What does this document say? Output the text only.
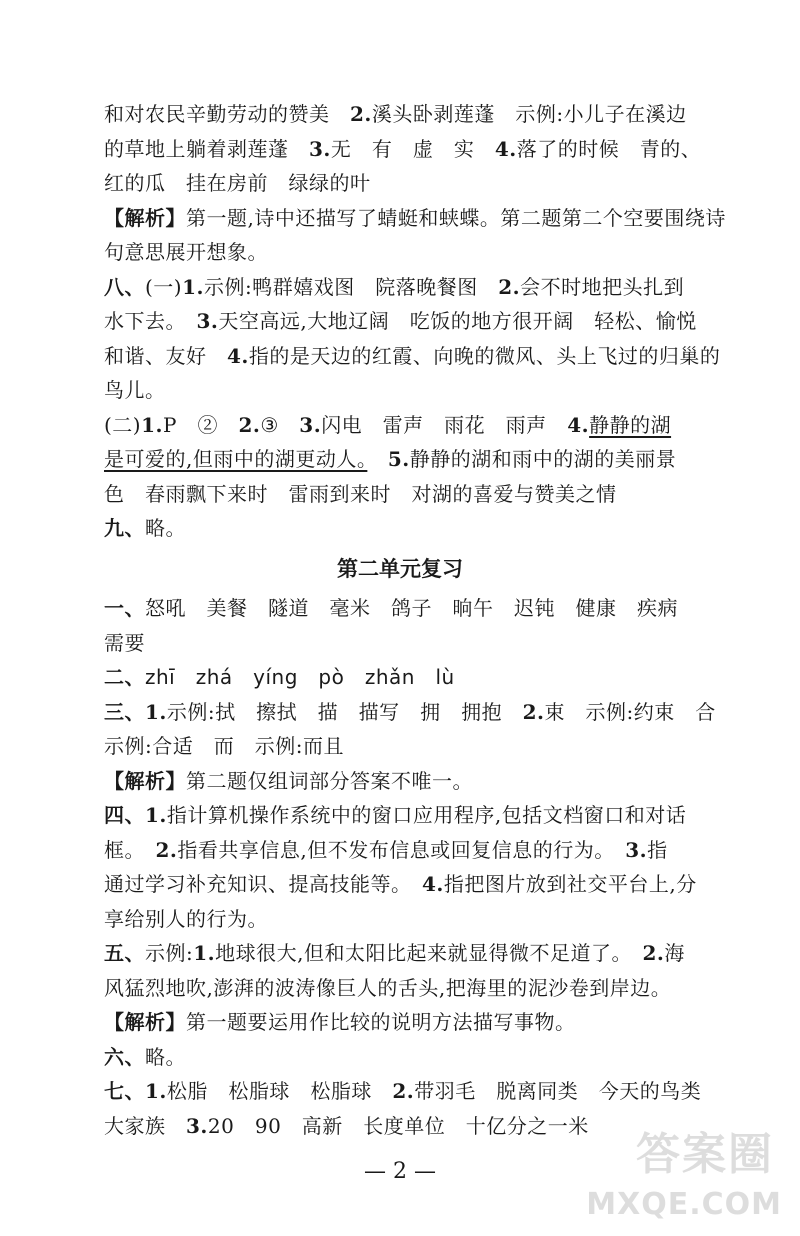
和对农民辛勤劳动的赞美　2.溪头卧剥莲蓬　示例:小儿子在溪边
的草地上躺着剥莲蓬　3.无　有　虚　实　4.落了的时候　青的、
红的瓜　挂在房前　绿绿的叶
【解析】第一题,诗中还描写了蜻蜓和蛱蝶。第二题第二个空要围绕诗
句意思展开想象。
八、(一)1.示例:鸭群嬉戏图　院落晚餐图　2.会不时地把头扎到
水下去。　3.天空高远,大地辽阔　吃饭的地方很开阔　轻松、愉悦
和谐、友好　4.指的是天边的红霞、向晚的微风、头上飞过的归巢的
鸟儿。
(二)1.P　②　2.③　3.闪电　雷声　雨花　雨声　4.静静的湖
是可爱的,但雨中的湖更动人。　 5.静静的湖和雨中的湖的美丽景
色　春雨飘下来时　雷雨到来时　对湖的喜爱与赞美之情
九、略。
第二单元复习
一、怒吼　美餐　隧道　毫米　鸽子　晌午　迟钝　健康　疾病
需要
二、zhī　zhá　yíng　pò　zhǎn　lù
三、1.示例:拭　擦拭　描　描写　拥　拥抱　2.束　示例:约束　合
示例:合适　而　示例:而且
【解析】第二题仅组词部分答案不唯一。
四、1.指计算机操作系统中的窗口应用程序,包括文档窗口和对话
框。　2.指看共享信息,但不发布信息或回复信息的行为。　3.指
通过学习补充知识、提高技能等。　4.指把图片放到社交平台上,分
享给别人的行为。
五、示例:1.地球很大,但和太阳比起来就显得微不足道了。　2.海
风猛烈地吹,澎湃的波涛像巨人的舌头,把海里的泥沙卷到岸边。
【解析】第一题要运用作比较的说明方法描写事物。
六、略。
七、1.松脂　松脂球　松脂球　2.带羽毛　脱离同类　今天的鸟类
大家族　3.20　90　高新　长度单位　十亿分之一米
— 2 —	答案圈
MXQE.COM
